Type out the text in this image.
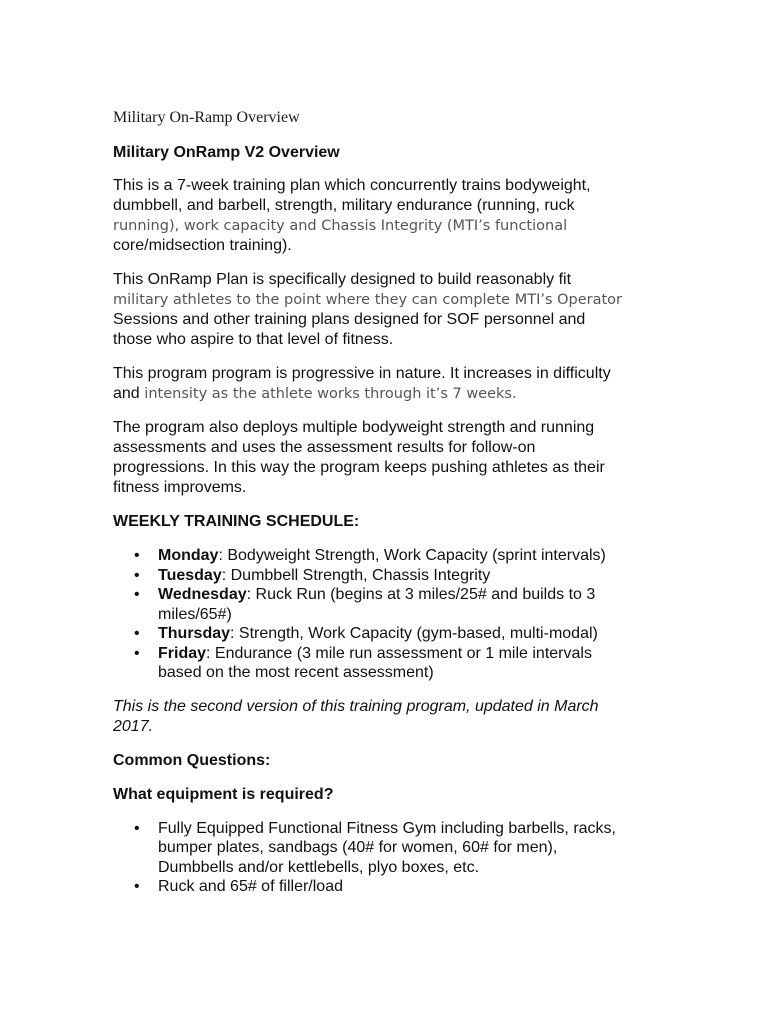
Military On-Ramp Overview
Military OnRamp V2 Overview

This is a 7-week training plan which concurrently trains bodyweight,
dumbbell, and barbell, strength, military endurance (running, ruck
running), work capacity and Chassis Integrity (MTI’s functional
core/midsection training).

This OnRamp Plan is specifically designed to build reasonably fit
military athletes to the point where they can complete MTI’s Operator
Sessions and other training plans designed for SOF personnel and
those who aspire to that level of fitness.

This program program is progressive in nature. It increases in difficulty
and intensity as the athlete works through it’s 7 weeks.

The program also deploys multiple bodyweight strength and running
assessments and uses the assessment results for follow-on
progressions. In this way the program keeps pushing athletes as their
fitness improvems.

WEEKLY TRAINING SCHEDULE:
• Monday: Bodyweight Strength, Work Capacity (sprint intervals)
• Tuesday: Dumbbell Strength, Chassis Integrity
• Wednesday: Ruck Run (begins at 3 miles/25# and builds to 3
miles/65#)
• Thursday: Strength, Work Capacity (gym-based, multi-modal)
• Friday: Endurance (3 mile run assessment or 1 mile intervals
based on the most recent assessment)

This is the second version of this training program, updated in March
2017.

Common Questions:
What equipment is required?
• Fully Equipped Functional Fitness Gym including barbells, racks,
bumper plates, sandbags (40# for women, 60# for men),
Dumbbells and/or kettlebells, plyo boxes, etc.
• Ruck and 65# of filler/load
